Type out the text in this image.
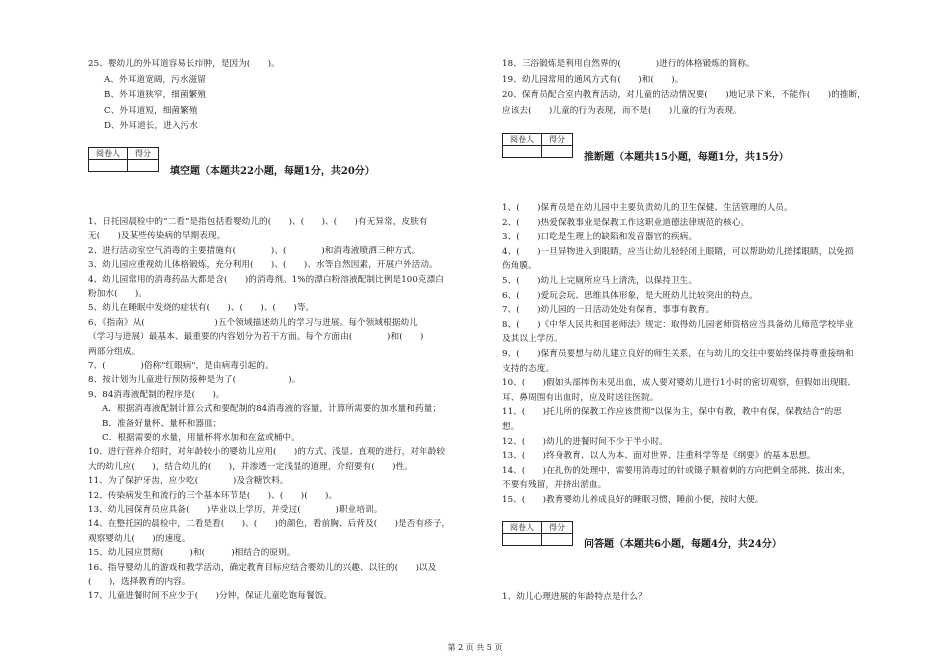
25、婴幼儿的外耳道容易长疖肿，是因为(　　)。
A、外耳道宽阔，污水滋留
B、外耳道狭窄，细菌繁殖
C、外耳道短，细菌繁殖
D、外耳道长，进入污水
阅卷人	得分
填空题（本题共22小题，每题1分，共20分）
1、日托园晨检中的“二看”是指包括看婴幼儿的(　　)、(　　)、(　　)有无异常，皮肤有
无(　　)及某些传染病的早期表现。
2、进行活动室空气消毒的主要措施有(　　　　)、(　　　　)和消毒液喷洒三种方式。
3、幼儿园应重视幼儿体格锻炼，充分利用(　　)、(　　)、水等自然因素，开展户外活动。
4、幼儿园常用的消毒药品大都是含(　　)的消毒剂。1%的漂白粉溶液配制比例是100克漂白
粉加水(　　)。
5、幼儿在睡眠中发烧的症状有(　　)、(　　)、(　　)等。
6、《指南》从(　　　　　　　　)五个领域描述幼儿的学习与进展。每个领域根据幼儿
（学习与进展）最基本、最重要的内容划分为若干方面。每个方面由(　　　　)和(　　)
两部分组成。
7、(　　　　)俗称"红眼病"，是由病毒引起的。
8、按计划为儿童进行预防接种是为了(　　　　　　)。
9、84消毒液配制的程序是(　　)。
A．根据消毒液配制计算公式和要配制的84消毒液的容量，计算所需要的加水量和药量；
B．准备好量杯、量杯和器皿；
C．根据需要的水量，用量杯将水加和在盆或桶中。
10、进行营养介绍时，对年龄较小的婴幼儿应用(　　)的方式、浅显、直观的进行，对年龄较
大的幼儿应(　　)，结合幼儿的(　　)，并渗透一定浅显的道理，介绍要有(　　)性。
11、为了保护牙齿，应少吃(　　　　)及含糖饮料。
12、传染病发生和流行的三个基本环节是(　　)、(　　)(　　)。
13、幼儿园保育员应具备(　　)毕业以上学历，并受过(　　　　)职业培训。
14、在整托园的晨检中，二看是看(　　)、(　　)的颜色，看前胸、后背及(　　)是否有疹子，
观察婴幼儿(　　)的速度。
15、幼儿园应贯彻(　　　)和(　　　)相结合的原则。
16、指导婴幼儿的游戏和教学活动，确定教育目标应结合婴幼儿的兴趣、以往的(　　)以及
(　　)，选择教育的内容。
17、儿童进餐时间不应少于(　　)分钟，保证儿童吃饱每餐饭。
18、三浴锻炼是利用自然界的(　　　　)进行的体格锻炼的简称。
19、幼儿园常用的通风方式有(　　)和(　　)。
20、保育员配合室内教育活动，对儿童的活动情况要(　　)地记录下来，不能作(　　)的推断，
应该去(　　)儿童的行为表现，而不是(　　)儿童的行为表现。
阅卷人	得分
推断题（本题共15小题，每题1分，共15分）
1、(　　)保育员是在幼儿园中主要负责幼儿的卫生保健、生活管理的人员。
2、(　　)热爱保教事业是保教工作这职业道德法律规范的核心。
3、(　　)口吃是生理上的缺陷和发音器官的疾病。
4、(　　)一旦异物进入到眼睛，应当让幼儿轻轻闭上眼睛，可以帮助幼儿搓揉眼睛，以免损
伤角膜。
5、(　　)幼儿上完厕所应马上清洗，以保持卫生。
6、(　　)爱玩会玩、思维具体形象，是大班幼儿比较突出的特点。
7、(　　)幼儿园的一日活动处处有保育，事事有教育。
8、(　　)《中华人民共和国老师法》规定：取得幼儿园老师资格应当具备幼儿师范学校毕业
及其以上学历。
9、(　　)保育员要想与幼儿建立良好的师生关系，在与幼儿的交往中要始终保持尊重接纳和
支持的态度。
10、(　　)假如头部摔伤未见出血，成人要对婴幼儿进行1小时的密切观察，但假如出现眼、
耳、鼻周围有出血时，应及时送往医院。
11、(　　)托儿所的保教工作应该贯彻“以保为主，保中有教，教中有保，保教结合”的思
想。
12、(　　)幼儿的进餐时间不少于半小时。
13、(　　)终身教育、以人为本、面对世界、注重科学等是《纲要》的基本思想。
14、(　　)在扎伤的处理中，需要用消毒过的针或镊子顺着刺的方向把刺全部挑、拔出来，
不要有残留，并挤出淤血。
15、(　　)教育婴幼儿养成良好的睡眠习惯，睡前小便，按时大便。
阅卷人	得分
问答题（本题共6小题，每题4分，共24分）
1、幼儿心理进展的年龄特点是什么？
第 2 页 共 5 页
